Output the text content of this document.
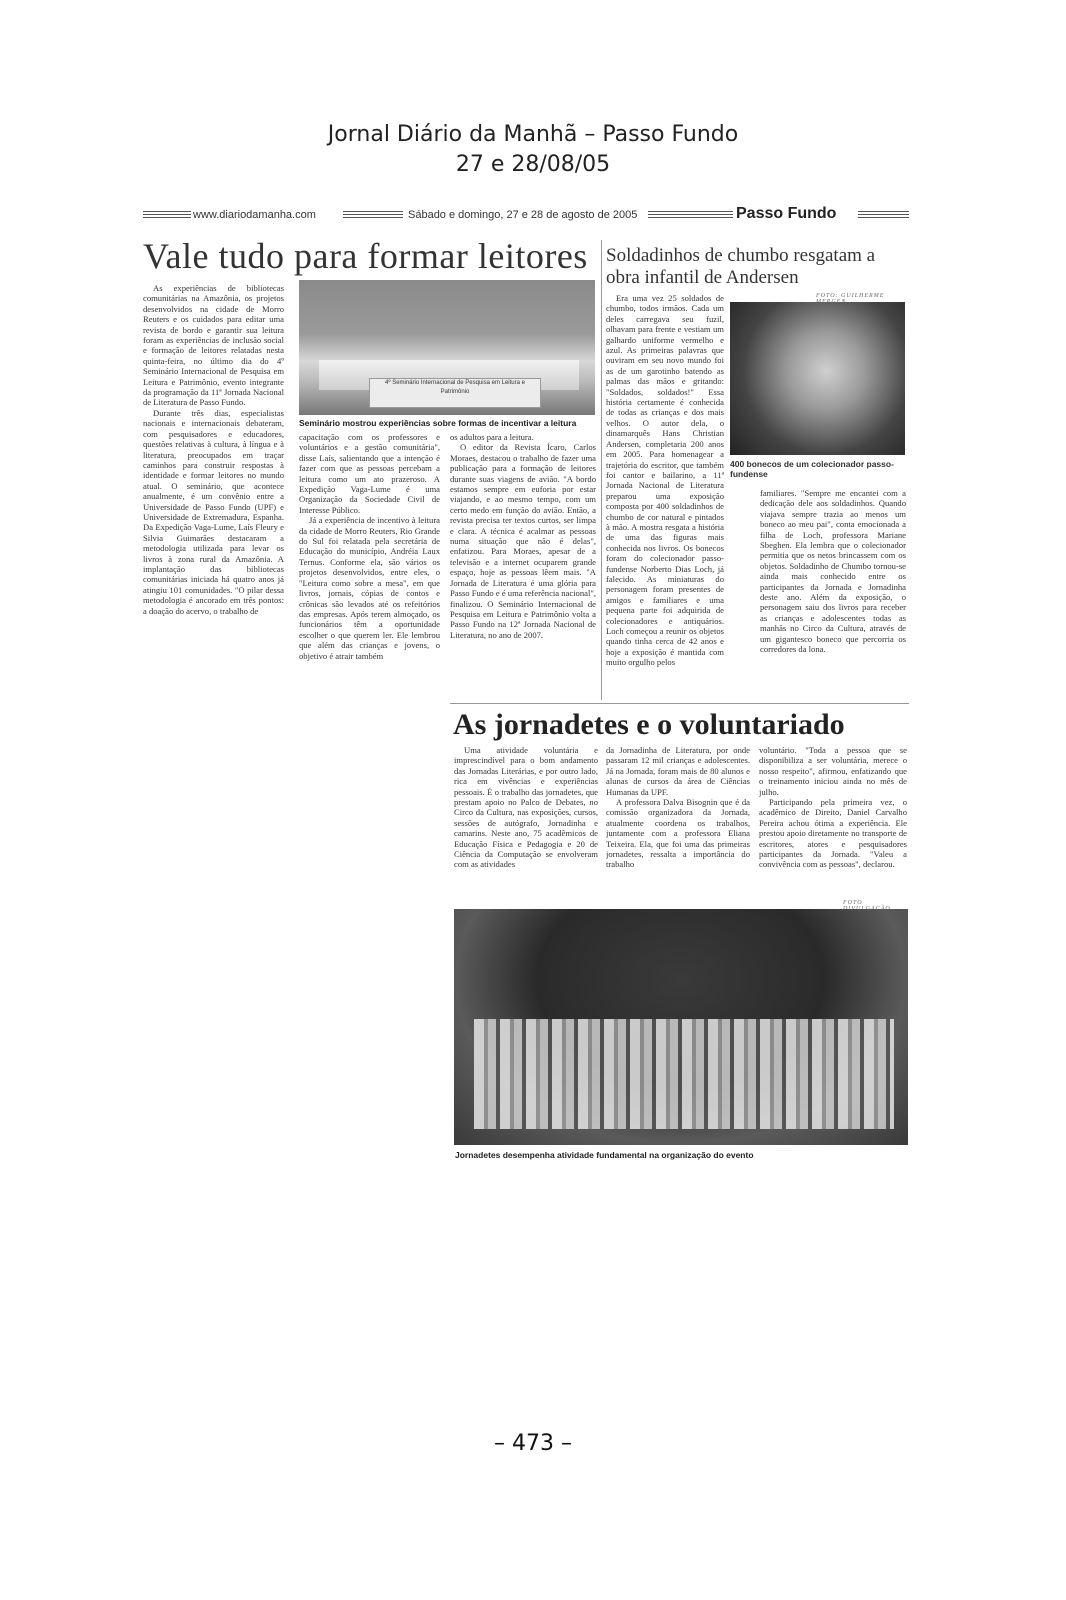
Jornal Diário da Manhã – Passo Fundo
27 e 28/08/05
www.diariodamanha.com	Sábado e domingo, 27 e 28 de agosto de 2005	Passo Fundo
Vale tudo para formar leitores

As experiências de bibliotecas comunitárias na Amazônia, os projetos desenvolvidos na cidade de Morro Reuters e os cuidados para editar uma revista de bordo e garantir sua leitura foram as experiências de inclusão social e formação de leitores relatadas nesta quinta-feira, no último dia do 4º Seminário Internacional de Pesquisa em Leitura e Patrimônio, evento integrante da programação da 11ª Jornada Nacional de Literatura de Passo Fundo.

Durante três dias, especialistas nacionais e internacionais debateram, com pesquisadores e educadores, questões relativas à cultura, à língua e à literatura, preocupados em traçar caminhos para construir respostas à identidade e formar leitores no mundo atual. O seminário, que acontece anualmente, é um convênio entre a Universidade de Passo Fundo (UPF) e Universidade de Extremadura, Espanha. Da Expedição Vaga-Lume, Laís Fleury e Silvia Guimarães destacaram a metodologia utilizada para levar os livros à zona rural da Amazônia. A implantação das bibliotecas comunitárias iniciada há quatro anos já atingiu 101 comunidades. "O pilar dessa metodologia é ancorado em três pontos: a doação do acervo, o trabalho de

4º Seminário Internacional de Pesquisa em Leitura e Patrimônio
Seminário mostrou experiências sobre formas de incentivar a leitura

capacitação com os professores e voluntários e a gestão comunitária", disse Laís, salientando que a intenção é fazer com que as pessoas percebam a leitura como um ato prazeroso. A Expedição Vaga-Lume é uma Organização da Sociedade Civil de Interesse Público.

Já a experiência de incentivo à leitura da cidade de Morro Reuters, Rio Grande do Sul foi relatada pela secretária de Educação do município, Andréia Laux Ternus. Conforme ela, são vários os projetos desenvolvidos, entre eles, o "Leitura como sobre a mesa", em que livros, jornais, cópias de contos e crônicas são levados até os refeitórios das empresas. Após terem almoçado, os funcionários têm a oportunidade escolher o que querem ler. Ele lembrou que além das crianças e jovens, o objetivo é atrair também

os adultos para a leitura.

O editor da Revista Ícaro, Carlos Moraes, destacou o trabalho de fazer uma publicação para a formação de leitores durante suas viagens de avião. "A bordo estamos sempre em euforia por estar viajando, e ao mesmo tempo, com um certo medo em função do avião. Então, a revista precisa ter textos curtos, ser limpa e clara. A técnica é acalmar as pessoas numa situação que não é delas", enfatizou. Para Moraes, apesar de a televisão e a internet ocuparem grande espaço, hoje as pessoas lêem mais. "A Jornada de Literatura é uma glória para Passo Fundo e é uma referência nacional", finalizou. O Seminário Internacional de Pesquisa em Leitura e Patrimônio volta a Passo Fundo na 12ª Jornada Nacional de Literatura, no ano de 2007.

Soldadinhos de chumbo resgatam a obra infantil de Andersen

Era uma vez 25 soldados de chumbo, todos irmãos. Cada um deles carregava seu fuzil, olhavam para frente e vestiam um galhardo uniforme vermelho e azul. As primeiras palavras que ouviram em seu novo mundo foi as de um garotinho batendo as palmas das mãos e gritando: "Soldados, soldados!" Essa história certamente é conhecida de todas as crianças e dos mais velhos. O autor dela, o dinamarquês Hans Christian Andersen, completaria 200 anos em 2005. Para homenagear a trajetória do escritor, que também foi cantor e bailarino, a 11ª Jornada Nacional de Literatura preparou uma exposição composta por 400 soldadinhos de chumbo de cor natural e pintados à mão. A mostra resgata a história de uma das figuras mais conhecida nos livros. Os bonecos foram do colecionador passo-fundense Norberto Dias Loch, já falecido. As miniaturas do personagem foram presentes de amigos e familiares e uma pequena parte foi adquirida de colecionadores e antiquários. Loch começou a reunir os objetos quando tinha cerca de 42 anos e hoje a exposição é mantida com muito orgulho pelos

FOTO: GUILHERME
400 bonecos de um colecionador passo-fundense

familiares. "Sempre me encantei com a dedicação dele aos soldadinhos. Quando viajava sempre trazia ao menos um boneco ao meu pai", conta emocionada a filha de Loch, professora Mariane Sbeghen. Ela lembra que o colecionador permitia que os netos brincassem com os objetos. Soldadinho de Chumbo tornou-se ainda mais conhecido entre os participantes da Jornada e Jornadinha deste ano. Além da exposição, o personagem saiu dos livros para receber as crianças e adolescentes todas as manhãs no Circo da Cultura, através de um gigantesco boneco que percorria os corredores da lona.

As jornadetes e o voluntariado

Uma atividade voluntária e imprescindível para o bom andamento das Jornadas Literárias, e por outro lado, rica em vivências e experiências pessoais. É o trabalho das jornadetes, que prestam apoio no Palco de Debates, no Circo da Cultura, nas exposições, cursos, sessões de autógrafo, Jornadinha e camarins. Neste ano, 75 acadêmicos de Educação Física e Pedagogia e 20 de Ciência da Computação se envolveram com as atividades

da Jornadinha de Literatura, por onde passaram 12 mil crianças e adolescentes. Já na Jornada, foram mais de 80 alunos e alunas de cursos da área de Ciências Humanas da UPF.

A professora Dalva Bisognin que é da comissão organizadora da Jornada, atualmente coordena os trabalhos, juntamente com a professora Eliana Teixeira. Ela, que foi uma das primeiras jornadetes, ressalta a importância do trabalho

voluntário. "Toda a pessoa que se disponibiliza a ser voluntária, merece o nosso respeito", afirmou, enfatizando que o treinamento iniciou ainda no mês de julho.

Participando pela primeira vez, o acadêmico de Direito, Daniel Carvalho Pereira achou ótima a experiência. Ele prestou apoio diretamente no transporte de escritores, atores e pesquisadores participantes da Jornada. "Valeu a convivência com as pessoas", declarou.

FOTO
Jornadetes desempenha atividade fundamental na organização do evento
– 473 –
